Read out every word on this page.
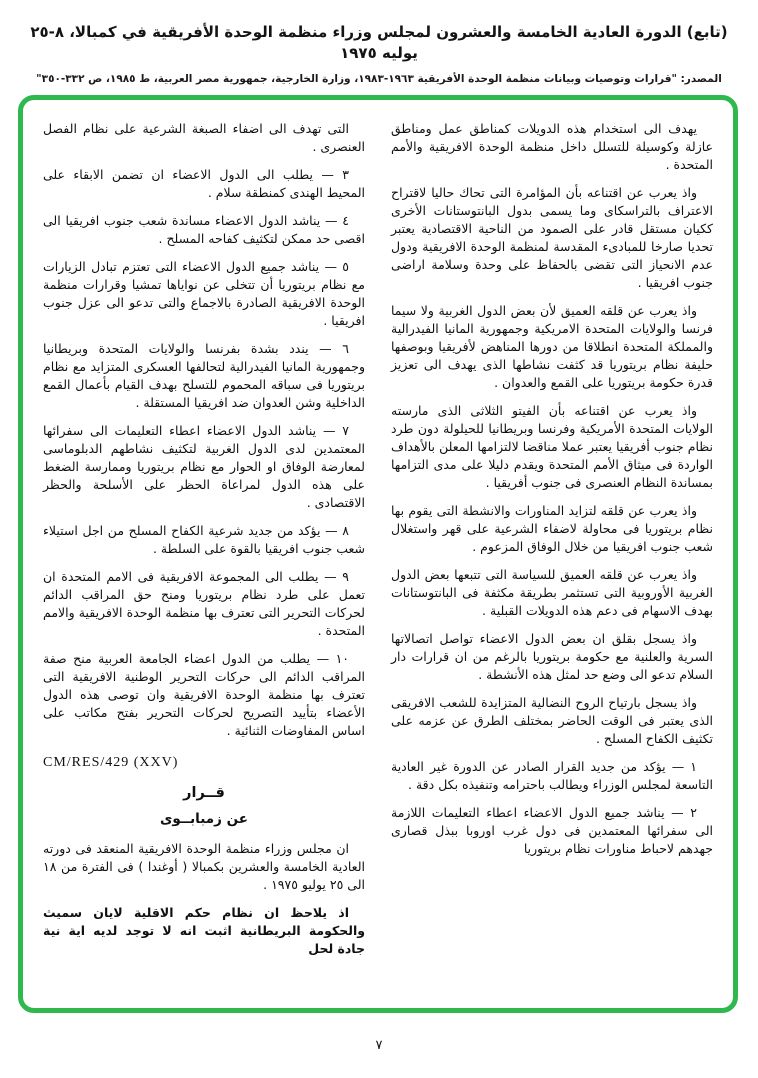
(تابع) الدورة العادية الخامسة والعشرون لمجلس وزراء منظمة الوحدة الأفريقية في كمبالا، ٨-٢٥ يوليه ١٩٧٥
المصدر: "قرارات وتوصيات وبيانات منظمة الوحدة الأفريقية ١٩٦٣-١٩٨٣، وزارة الخارجية، جمهورية مصر العربية، ط ١٩٨٥، ص ٣٣٢-٣٥٠"

يهدف الى استخدام هذه الدويلات كمناطق عمل ومناطق عازلة وكوسيلة للتسلل داخل منظمة الوحدة الافريقية والأمم المتحدة .

واذ يعرب عن اقتناعه بأن المؤامرة التى تحاك حاليا لاقتراح الاعتراف بالتراسكاى وما يسمى بدول البانتوستانات الأخرى ككيان مستقل قادر على الصمود من الناحية الاقتصادية يعتبر تحديا صارخا للمبادىء المقدسة لمنظمة الوحدة الافريقية ودول عدم الانحياز التى تقضى بالحفاظ على وحدة وسلامة اراضى جنوب افريقيا .

واذ يعرب عن قلقه العميق لأن بعض الدول الغربية ولا سيما فرنسا والولايات المتحدة الامريكية وجمهورية المانيا الفيدرالية والمملكة المتحدة انطلاقا من دورها المناهض لأفريقيا وبوصفها حليفة نظام بريتوريا قد كثفت نشاطها الذى يهدف الى تعزيز قدرة حكومة بريتوريا على القمع والعدوان .

واذ يعرب عن اقتناعه بأن الفيتو الثلاثى الذى مارسته الولايات المتحدة الأمريكية وفرنسا وبريطانيا للحيلولة دون طرد نظام جنوب أفريقيا يعتبر عملا مناقضا لالتزامها المعلن بالأهداف الواردة فى ميثاق الأمم المتحدة ويقدم دليلا على مدى التزامها بمساندة النظام العنصرى فى جنوب أفريقيا .

واذ يعرب عن قلقه لتزايد المناورات والانشطة التى يقوم بها نظام بريتوريا فى محاولة لاضفاء الشرعية على قهر واستغلال شعب جنوب افريقيا من خلال الوفاق المزعوم .

واذ يعرب عن قلقه العميق للسياسة التى تتبعها بعض الدول الغربية الأوروبية التى تستثمر بطريقة مكثفة فى البانتوستانات بهدف الاسهام فى دعم هذه الدويلات القبلية .

واذ يسجل بقلق ان بعض الدول الاعضاء تواصل اتصالاتها السرية والعلنية مع حكومة بريتوريا بالرغم من ان قرارات دار السلام تدعو الى وضع حد لمثل هذه الأنشطة .

واذ يسجل بارتياح الروح النضالية المتزايدة للشعب الافريقى الذى يعتبر فى الوقت الحاضر بمختلف الطرق عن عزمه على تكثيف الكفاح المسلح .

١ — يؤكد من جديد القرار الصادر عن الدورة غير العادية التاسعة لمجلس الوزراء ويطالب باحترامه وتنفيذه بكل دقة .

٢ — يناشد جميع الدول الاعضاء اعطاء التعليمات اللازمة الى سفرائها المعتمدين فى دول غرب اوروبا ببذل قصارى جهدهم لاحباط مناورات نظام بريتوريا

التى تهدف الى اضفاء الصبغة الشرعية على نظام الفصل العنصرى .

٣ — يطلب الى الدول الاعضاء ان تضمن الابقاء على المحيط الهندى كمنطقة سلام .

٤ — يناشد الدول الاعضاء مساندة شعب جنوب افريقيا الى اقصى حد ممكن لتكثيف كفاحه المسلح .

٥ — يناشد جميع الدول الاعضاء التى تعتزم تبادل الزيارات مع نظام بريتوريا أن تتخلى عن نواياها تمشيا وقرارات منظمة الوحدة الافريقية الصادرة بالاجماع والتى تدعو الى عزل جنوب افريقيا .

٦ — يندد بشدة بفرنسا والولايات المتحدة وبريطانيا وجمهورية المانيا الفيدرالية لتحالفها العسكرى المتزايد مع نظام بريتوريا فى سباقه المحموم للتسلح بهدف القيام بأعمال القمع الداخلية وشن العدوان ضد افريقيا المستقلة .

٧ — يناشد الدول الاعضاء اعطاء التعليمات الى سفرائها المعتمدين لدى الدول الغربية لتكثيف نشاطهم الدبلوماسى لمعارضة الوفاق او الحوار مع نظام بريتوريا وممارسة الضغط على هذه الدول لمراعاة الحظر على الأسلحة والحظر الاقتصادى .

٨ — يؤكد من جديد شرعية الكفاح المسلح من اجل استيلاء شعب جنوب افريقيا بالقوة على السلطة .

٩ — يطلب الى المجموعة الافريقية فى الامم المتحدة ان تعمل على طرد نظام بريتوريا ومنح حق المراقب الدائم لحركات التحرير التى تعترف بها منظمة الوحدة الافريقية والامم المتحدة .

١٠ — يطلب من الدول اعضاء الجامعة العربية منح صفة المراقب الدائم الى حركات التحرير الوطنية الافريقية التى تعترف بها منظمة الوحدة الافريقية وان توصى هذه الدول الأعضاء بتأييد التصريح لحركات التحرير بفتح مكاتب على اساس المفاوضات الثنائية .

CM/RES/429 (XXV)
قــرار
عن زمبابــوى

ان مجلس وزراء منظمة الوحدة الافريقية المنعقد فى دورته العادية الخامسة والعشرين بكمبالا ( أوغندا ) فى الفترة من ١٨ الى ٢٥ يوليو ١٩٧٥ .

اذ يلاحظ ان نظام حكم الاقلية لايان سميث والحكومة البريطانية اثبت انه لا توجد لديه اية نية جادة لحل

٧
